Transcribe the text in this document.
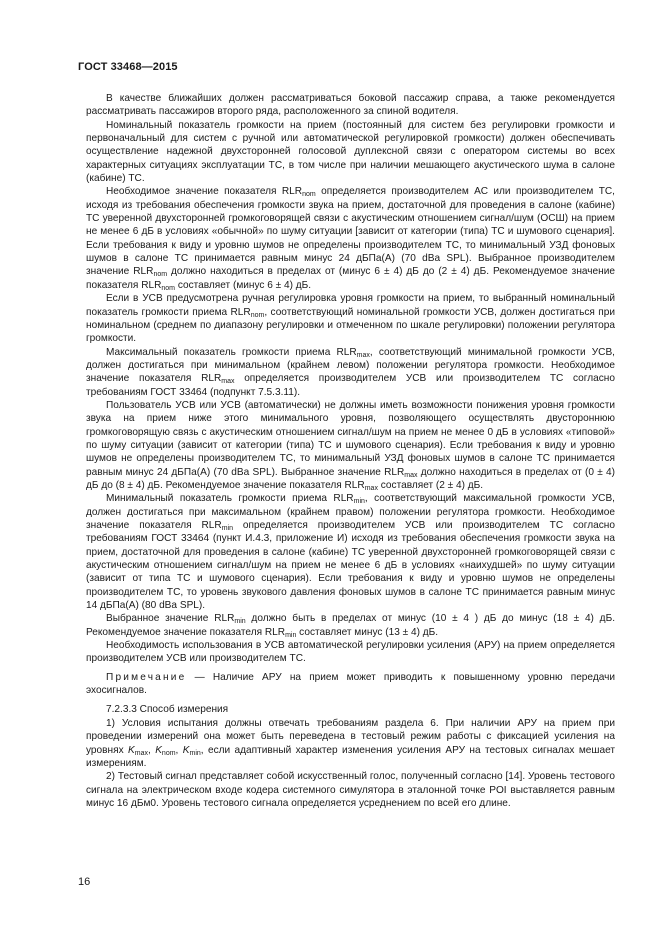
ГОСТ 33468—2015

В качестве ближайших должен рассматриваться боковой пассажир справа, а также рекомендуется рассматривать пассажиров второго ряда, расположенного за спиной водителя.

Номинальный показатель громкости на прием (постоянный для систем без регулировки громкости и первоначальный для систем с ручной или автоматической регулировкой громкости) должен обеспечивать осуществление надежной двухсторонней голосовой дуплексной связи с оператором системы во всех характерных ситуациях эксплуатации ТС, в том числе при наличии мешающего акустического шума в салоне (кабине) ТС.

Необходимое значение показателя $RLR_{nom}$ определяется производителем АС или производителем ТС, исходя из требования обеспечения громкости звука на прием, достаточной для проведения в салоне (кабине) ТС уверенной двухсторонней громкоговорящей связи с акустическим отношением сигнал/шум (ОСШ) на прием не менее 6 дБ в условиях «обычной» по шуму ситуации [зависит от категории (типа) ТС и шумового сценария]. Если требования к виду и уровню шумов не определены производителем ТС, то минимальный УЗД фоновых шумов в салоне ТС принимается равным минус 24 дБПа(А) (70 dBa SPL). Выбранное производителем значение $RLR_{nom}$ должно находиться в пределах от (минус 6 ± 4) дБ до (2 ± 4) дБ. Рекомендуемое значение показателя $RLR_{nom}$ составляет (минус 6 ± 4) дБ.

Если в УСВ предусмотрена ручная регулировка уровня громкости на прием, то выбранный номинальный показатель громкости приема $RLR_{nom}$, соответствующий номинальной громкости УСВ, должен достигаться при номинальном (среднем по диапазону регулировки и отмеченном по шкале регулировки) положении регулятора громкости.

Максимальный показатель громкости приема $RLR_{max}$, соответствующий минимальной громкости УСВ, должен достигаться при минимальном (крайнем левом) положении регулятора громкости. Необходимое значение показателя $RLR_{max}$ определяется производителем УСВ или производителем ТС согласно требованиям ГОСТ 33464 (подпункт 7.5.3.11).

Пользователь УСВ или УСВ (автоматически) не должны иметь возможности понижения уровня громкости звука на прием ниже этого минимального уровня, позволяющего осуществлять двустороннюю громкоговорящую связь с акустическим отношением сигнал/шум на прием не менее 0 дБ в условиях «типовой» по шуму ситуации (зависит от категории (типа) ТС и шумового сценария). Если требования к виду и уровню шумов не определены производителем ТС, то минимальный УЗД фоновых шумов в салоне ТС принимается равным минус 24 дБПа(А) (70 dBa SPL). Выбранное значение $RLR_{max}$ должно находиться в пределах от (0 ± 4) дБ до (8 ± 4) дБ. Рекомендуемое значение показателя $RLR_{max}$ составляет (2 ± 4) дБ.

Минимальный показатель громкости приема $RLR_{min}$, соответствующий максимальной громкости УСВ, должен достигаться при максимальном (крайнем правом) положении регулятора громкости. Необходимое значение показателя $RLR_{min}$ определяется производителем УСВ или производителем ТС согласно требованиям ГОСТ 33464 (пункт И.4.3, приложение И) исходя из требования обеспечения громкости звука на прием, достаточной для проведения в салоне (кабине) ТС уверенной двухсторонней громкоговорящей связи с акустическим отношением сигнал/шум на прием не менее 6 дБ в условиях «наихудшей» по шуму ситуации (зависит от типа ТС и шумового сценария). Если требования к виду и уровню шумов не определены производителем ТС, то уровень звукового давления фоновых шумов в салоне ТС принимается равным минус 14 дБПа(А) (80 dBa SPL).

Выбранное значение $RLR_{min}$ должно быть в пределах от минус (10 ± 4 ) дБ до минус (18 ± 4) дБ. Рекомендуемое значение показателя $RLR_{min}$ составляет минус (13 ± 4) дБ.

Необходимость использования в УСВ автоматической регулировки усиления (АРУ) на прием определяется производителем УСВ или производителем ТС.

Примечание — Наличие АРУ на прием может приводить к повышенному уровню передачи эхосигналов.

7.2.3.3 Способ измерения

1) Условия испытания должны отвечать требованиям раздела 6. При наличии АРУ на прием при проведении измерений она может быть переведена в тестовый режим работы с фиксацией усиления на уровнях $K_{max}$, $K_{nom}$, $K_{min}$, если адаптивный характер изменения усиления АРУ на тестовых сигналах мешает измерениям.

2) Тестовый сигнал представляет собой искусственный голос, полученный согласно [14]. Уровень тестового сигнала на электрическом входе кодера системного симулятора в эталонной точке POI выставляется равным минус 16 дБм0. Уровень тестового сигнала определяется усреднением по всей его длине.

16
